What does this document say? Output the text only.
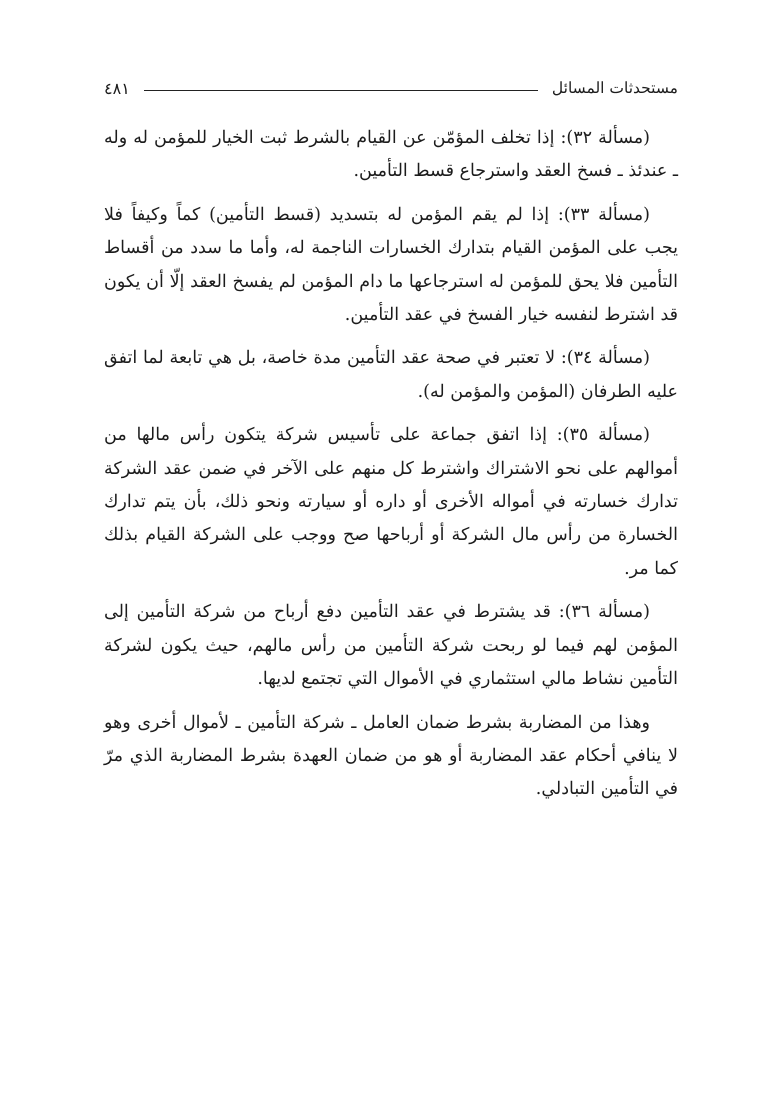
مستحدثات المسائل
٤٨١

(مسألة ٣٢): إذا تخلف المؤمّن عن القيام بالشرط ثبت الخيار للمؤمن له وله ـ عندئذ ـ فسخ العقد واسترجاع قسط التأمين.

(مسألة ٣٣): إذا لم يقم المؤمن له بتسديد (قسط التأمين) كماً وكيفاً فلا يجب على المؤمن القيام بتدارك الخسارات الناجمة له، وأما ما سدد من أقساط التأمين فلا يحق للمؤمن له استرجاعها ما دام المؤمن لم يفسخ العقد إلّا أن يكون قد اشترط لنفسه خيار الفسخ في عقد التأمين.

(مسألة ٣٤): لا تعتبر في صحة عقد التأمين مدة خاصة، بل هي تابعة لما اتفق عليه الطرفان (المؤمن والمؤمن له).

(مسألة ٣٥): إذا اتفق جماعة على تأسيس شركة يتكون رأس مالها من أموالهم على نحو الاشتراك واشترط كل منهم على الآخر في ضمن عقد الشركة تدارك خسارته في أمواله الأخرى أو داره أو سيارته ونحو ذلك، بأن يتم تدارك الخسارة من رأس مال الشركة أو أرباحها صح ووجب على الشركة القيام بذلك كما مر.

(مسألة ٣٦): قد يشترط في عقد التأمين دفع أرباح من شركة التأمين إلى المؤمن لهم فيما لو ربحت شركة التأمين من رأس مالهم، حيث يكون لشركة التأمين نشاط مالي استثماري في الأموال التي تجتمع لديها.

وهذا من المضاربة بشرط ضمان العامل ـ شركة التأمين ـ لأموال أخرى وهو لا ينافي أحكام عقد المضاربة أو هو من ضمان العهدة بشرط المضاربة الذي مرّ في التأمين التبادلي.
